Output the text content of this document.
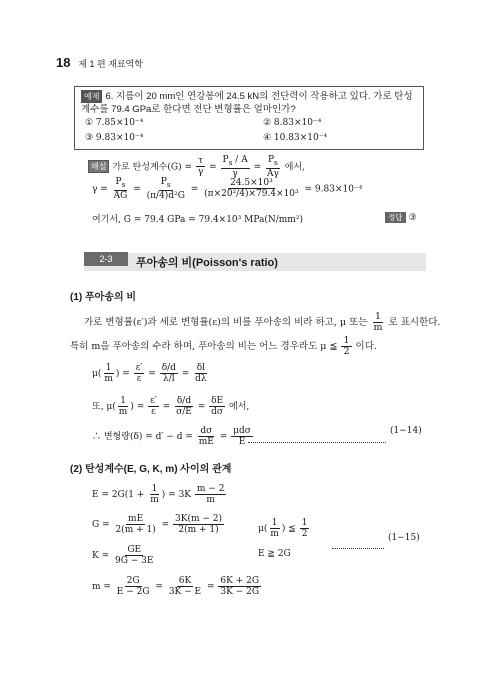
18 제 1 편 재료역학
예제 6. 지름이 20 mm인 연강봉에 24.5 kN의 전단력이 작용하고 있다. 가로 탄성계수를 79.4 GPa로 한다면 전단 변형률은 얼마인가?
① 7.85×10⁻⁴	② 8.83×10⁻⁴
③ 9.83×10⁻⁴	④ 10.83×10⁻⁴
해설 가로 탄성계수$(G) = \frac{\tau}{\gamma} = \frac{P_s / A}{\gamma} = \frac{P_s}{A\gamma}$ 에서,
$\gamma = \frac{P_s}{AG} = \frac{P_s}{\text{(π/4)d²G}} = \frac{\text{24.5×10³}}{\text{(π×20²/4)×79.4×10³}} = 9.83\times 10^{-4}$
여기서, G = 79.4 GPa = 79.4×10³ MPa(N/mm²)	정답 ③
2-3	푸아송의 비(Poisson's ratio)
(1) 푸아송의 비
가로 변형률(ε′)과 세로 변형률(ε)의 비를 푸아송의 비라 하고, μ 또는 $\frac{1}{m}$ 로 표시한다.
특히 m을 푸아송의 수라 하며, 푸아송의 비는 어느 경우라도 μ ≦ $\frac{1}{2}$ 이다.
$\mu( \frac{1}{m}$ ) = $\frac{\varepsilon'}{\varepsilon} = \frac{\delta/d}{\lambda/l} = \frac{\delta l}{d\lambda}$
또, $\mu( \frac{1}{m}$ ) = $\frac{\varepsilon'}{\varepsilon} = \frac{\delta/d}{\sigma/E} = \frac{\delta E}{d\sigma}$ 에서,
∴ 변형량$(\delta) = d' - d = \frac{d\sigma}{mE} = \frac{\text{μdσ}}{E}$	(1−14)
(2) 탄성계수(E, G, K, m) 사이의 관계
$E = 2G(1 + \frac{1}{m}$ ) = $3K \frac{m - 2}{m}$
$G = \frac{mE}{2(m + 1)} = \frac{3K(m - 2)}{2(m + 1)}$	$\mu( \frac{1}{m}$ ) ≦ $\frac{1}{2}$	(1−15)
$K = \frac{GE}{9G - 3E}$	E ≧ 2G
$m = \frac{2G}{E - 2G} = \frac{6K}{3K - E} = \frac{6K + 2G}{3K - 2G}$
